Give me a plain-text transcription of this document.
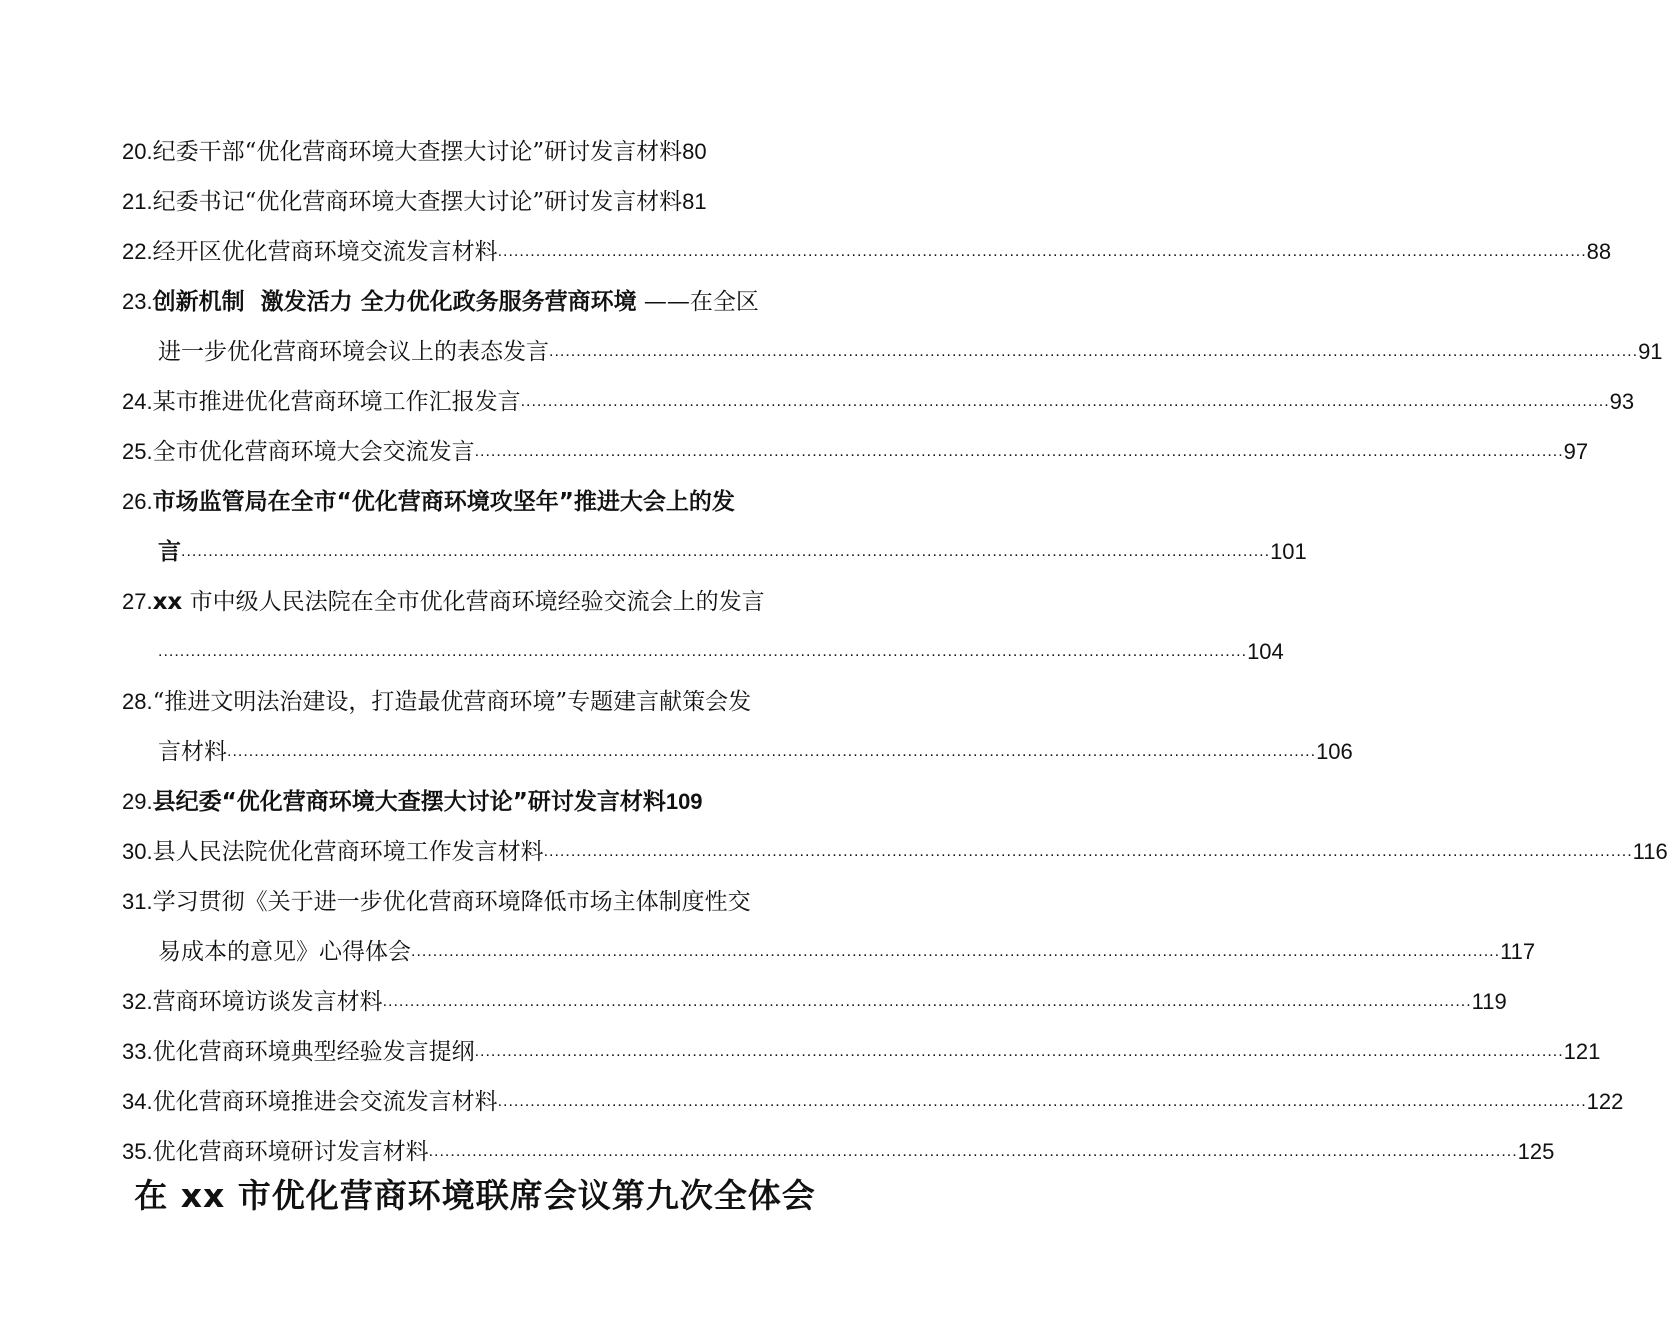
20. 纪委干部“优化营商环境大查摆大讨论”研讨发言材料 80
21. 纪委书记“优化营商环境大查摆大讨论”研讨发言材料 81
22. 经开区优化营商环境交流发言材料 ........................................................................................................................................................................................................ 88
23. 创新机制  激发活力 全力优化政务服务营商环境 ——在全区
进一步优化营商环境会议上的表态发言 ........................................................................................................................................................................................................ 91
24. 某市推进优化营商环境工作汇报发言 ........................................................................................................................................................................................................ 93
25. 全市优化营商环境大会交流发言 ........................................................................................................................................................................................................ 97
26. 市场监管局在全市“优化营商环境攻坚年”推进大会上的发
言 ........................................................................................................................................................................................................ 101
27. xx 市中级人民法院在全市优化营商环境经验交流会上的发言
........................................................................................................................................................................................................ 104
28. “推进文明法治建设，打造最优营商环境”专题建言献策会发
言材料 ........................................................................................................................................................................................................ 106
29. 县纪委“优化营商环境大查摆大讨论”研讨发言材料 109
30. 县人民法院优化营商环境工作发言材料 ........................................................................................................................................................................................................ 116
31. 学习贯彻《关于进一步优化营商环境降低市场主体制度性交
易成本的意见》心得体会 ........................................................................................................................................................................................................ 117
32. 营商环境访谈发言材料 ........................................................................................................................................................................................................ 119
33. 优化营商环境典型经验发言提纲 ........................................................................................................................................................................................................ 121
34. 优化营商环境推进会交流发言材料 ........................................................................................................................................................................................................ 122
35. 优化营商环境研讨发言材料 ........................................................................................................................................................................................................ 125
在 xx 市优化营商环境联席会议第九次全体会
